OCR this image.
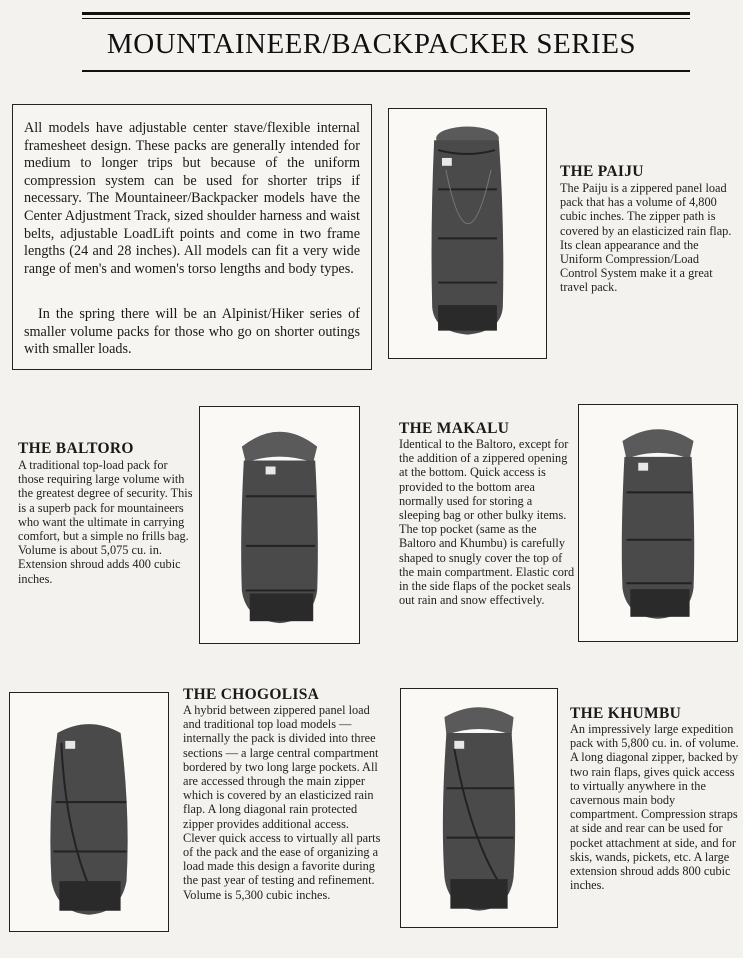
MOUNTAINEER/BACKPACKER SERIES

All models have adjustable center stave/flexible internal framesheet design. These packs are generally intended for medium to longer trips but because of the uniform compression system can be used for shorter trips if necessary. The Mountaineer/Backpacker models have the Center Adjustment Track, sized shoulder harness and waist belts, adjustable LoadLift points and come in two frame lengths (24 and 28 inches). All models can fit a very wide range of men's and women's torso lengths and body types.

In the spring there will be an Alpinist/Hiker series of smaller volume packs for those who go on shorter outings with smaller loads.

THE PAIJU

The Paiju is a zippered panel load pack that has a volume of 4,800 cubic inches. The zipper path is covered by an elasticized rain flap. Its clean appearance and the Uniform Compression/Load Control System make it a great travel pack.

THE BALTORO

A traditional top-load pack for those requiring large volume with the greatest degree of security. This is a superb pack for mountaineers who want the ultimate in carrying comfort, but a simple no frills bag. Volume is about 5,075 cu. in. Extension shroud adds 400 cubic inches.

THE MAKALU

Identical to the Baltoro, except for the addition of a zippered opening at the bottom. Quick access is provided to the bottom area normally used for storing a sleeping bag or other bulky items. The top pocket (same as the Baltoro and Khumbu) is carefully shaped to snugly cover the top of the main compartment. Elastic cord in the side flaps of the pocket seals out rain and snow effectively.

THE CHOGOLISA

A hybrid between zippered panel load and traditional top load models — internally the pack is divided into three sections — a large central compartment bordered by two long large pockets. All are accessed through the main zipper which is covered by an elasticized rain flap. A long diagonal rain protected zipper provides additional access. Clever quick access to virtually all parts of the pack and the ease of organizing a load made this design a favorite during the past year of testing and refinement. Volume is 5,300 cubic inches.

THE KHUMBU

An impressively large expedition pack with 5,800 cu. in. of volume. A long diagonal zipper, backed by two rain flaps, gives quick access to virtually anywhere in the cavernous main body compartment. Compression straps at side and rear can be used for pocket attachment at side, and for skis, wands, pickets, etc. A large extension shroud adds 800 cubic inches.
